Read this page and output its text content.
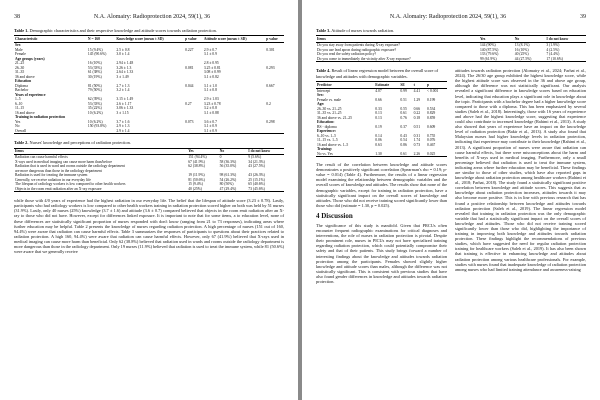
38	N.A. Alomairy: Radioprotection 2024, 59(1), 36
Table 1. Demographic characteristics and their respective knowledge and attitude scores towards radiation protection.
Characteristic	N = 160	Knowledge score (mean ± SD)	p value	Attitude score (mean ± SD)	p value
Sex					
Male	15 (9.4%)	2.5 ± 0.8	0.227	2.9 ± 0.7	0.301
Female	145 (90.6%)	3.0 ± 1.4		3.1 ± 0.9	
Age groups (years)					
21–25	16 (10%)	2.94 ± 1.48		2.8 ± 0.95	
26–30	53 (33%)	3.26 ± 1.3	0.081	3.25 ± 0.81	0.293
31–35	61 (38%)	2.64 ± 1.33		3.08 ± 0.99	
36 and above	30 (19%)	3 ± 1.49		3.1 ± 0.82	
Education					
Diploma	81 (50%)	2.7 ± 1.3	0.044	3.1 ± 1.0	0.667
Bachelor	79 (50%)	3.2 ± 1.4		3.1 ± 0.8	
Years of experience					
1–5	62 (39%)	3.15 ± 1.49		2.9 ± 1.03	
6–10	53 (33%)	2.6 ± 1.17	0.27	3.23 ± 0.78	0.2
11–15	35 (22%)	3.06 ± 1.33		3.2 ± 0.8	
16 and above	10 (6.2%)	3 ± 1.15		3.1 ± 0.88	
Training in radiation protection					
Yes	10 (6.2%)	3.7 ± 1.6	0.073	3.6 ± 0.7	0.298
No	150 (93.8%)	2.9 ± 1.3		3.1 ± 0.9	
Overall		2.9 ± 1.4		3.1 ± 0.9	
Table 2. Nurses' knowledge and perceptions of radiation protection.
Items	Yes	No	I do not know
Radiation can cause harmful effects	151 (94.4%)	0	9 (5.6%)
X-rays used in medical imaging can cause more harm than/before	67 (41.9%)	58 (36.3%)	34 (21.3%)
Radiation that is used in ward and rooms outside the radiology department	62 (38.8%)	56 (35.0%)	43 (27.5%)
are more dangerous than those in the radiology department			
Radiation is used for treating the immune system	19 (11.9%)	98 (61.3%)	43 (26.3%)
Generally, we receive radiation in our everyday life	81 (50.6%)	54 (26.2%)	25 (15.1%)
The lifespan of radiology workers is low compared to other health workers	15 (9.4%)	80 (50%)	65 (40.6%)
Objects in the room emit radiation after an X-ray exposure	40 (25%)	47 (29.4%)	73 (45.6%)
while those with 4/0 years of experience had the highest radiation in our everyday life. The belief that the lifespan of attitude score (3.23 ± 0.78). Lastly, participants who had radiology workers is low compared to other health workers training in radiation protection scored higher on both was held by 51 nurses (31.9%). Lastly, only 40 nurses (25%) knowledge (3.7 ± 1.6) and attitude (3.6 ± 0.7) compared believed that objects in the room emit radiation after an X-ray to those who did not have. However, except for differences linked exposure. It is important to note that for some items, a to education level, none of these differences are statistically significant proportion of nurses responded with don't know (ranging from 21 to 73 responses), indicating areas where further education may be helpful. Table 2 presents the knowledge of nurses regarding radiation protection. A high percentage of nurses (151 out of 160, 94.4%) were aware that radiation can cause harmful effects. Table 3 summarizes the responses of participants to questions about their practices related to radiation protection. A high 160, 94.4%) were aware that radiation can cause harmful effects. However, only 67 (41.9%) believed that X-rays used in medical imaging can cause more harm than beneficial. Only 62 (38.8%) believed that radiation used in wards and rooms outside the radiology department is more dangerous than those in the radiology department. Only 19 nurses (11.9%) believed that radiation is used to treat the immune system, while 81 (50.6%) were aware that we generally receive
N.A. Alomairy: Radioprotection 2024, 59(1), 36	39
Table 3. Attitude of nurses towards radiation.
Items	Yes	No	I do not know
Do you stay away from patients during X-ray exposure?	144 (90%)	13 (8.1%)	3 (1.9%)
Do you use lead apron during radiographic exposure?	140 (87.5%)	16 (10%)	4 (2.5%)
Do you read the safety radiation policy?	133 (79.6%)	40 (25%)	7 (4.4%)
Do you come to immediately the vicinity after X-ray exposure?	99 (61.9%)	44 (27.5%)	17 (10.6%)
Table 4. Result of linear regression model between the overall score of knowledge and attitudes with demographic variables.
Predictor	Estimate	SE	t	p
Intercept	4.07	0.99	4.41	< 0.001
Sex:				
Female vs. male	0.66	0.51	1.29	0.199
Age:				
26–30 vs. 21–25	0.33	0.55	0.66	0.534
31–35 vs. 21–25	0.13	0.61	0.22	0.829
36 and above vs. 21–25	0.13	0.76	0.18	0.859
Education:				
BS - diploma	0.19	0.37	0.51	0.609
Experience:				
6–10 vs. 1–5	0.14	0.43	0.31	0.755
11–15 vs. 1–5	0.06	0.54	1.74	0.076
16 and above vs. 1–5	0.63	0.86	0.73	0.467
Training:				
No vs. Yes	1.30	0.61	2.26	0.025
The result of the correlation between knowledge and attitude scores demonstrates a positively significant correlation (Spearman's rho = 0.19; p-value = 0.014) (Table 4). Furthermore, the results of a linear regression model examining the relationship between demographic variables and the overall scores of knowledge and attitudes. The results show that none of the demographic variables, except for training in radiation protection, have a statistically significant impact on the overall scores of knowledge and attitudes. Those who did not receive training scored significantly lower than those who did (estimate = 1.30, p = 0.025).
4 Discussion
The significance of this study is manifold. Given that PRCUs often encounter frequent radiographic examinations for critical diagnoses and interventions, the role of nurses in radiation protection is pivotal. Despite their prominent role, nurses in PICUs may not have specialized training regarding radiation protection, which could potentially compromise their safety and that of their patients. This study brings forward a number of interesting findings about the knowledge and attitudes towards radiation protection among the participants. Females showed slightly higher knowledge and attitude scores than males, although the difference was not statistically significant. This is consistent with previous studies that have also found gender differences in knowledge and attitudes towards radiation protection.
attitudes towards radiation protection (Alomairy et al., 2024; Farhat et al., 2024). The 26/30 age group exhibited the highest knowledge score, while the highest attitude score was observed in the 36 and above age group, although the difference was not statistically significant. Our analysis revealed a significant difference in knowledge scores based on education level, indicating that education plays a significant role in knowledge about the topic. Participants with a bachelor degree had a higher knowledge score compared to those with a diploma. This has been emphasized by several studies (Saleh et al., 2018). Interestingly, those with 16 years of experience and above had the highest knowledge score, suggesting that experience could also contribute to increased knowledge (Rahimi et al., 2013). A study also showed that years of experience have an impact on the knowledge level of radiation protection (Bakir et al., 2013). A study also found that Malaysian nurses had higher knowledge levels in radiation protection, indicating that experience may contribute to their knowledge (Rahimi et al., 2013). A significant proportion of nurses were aware that radiation can cause harmful effects, but there were misconceptions about the harm and benefits of X-rays used in medical imaging. Furthermore, only a small percentage believed that radiation is used to treat the immune system, indicating areas where further education may be beneficial. These findings are similar to those of other studies, which have also reported gaps in knowledge about radiation protection among healthcare workers (Rahimi et al., 2018; Farhat, 2018). The study found a statistically significant positive correlation between knowledge and attitude scores. This suggests that as knowledge about radiation protection increases, attitudes towards it may also become more positive. This is in line with previous research that has found a positive relationship between knowledge and attitudes towards radiation protection (Saleh et al., 2019). The linear regression model revealed that training in radiation protection was the only demographic variable that had a statistically significant impact on the overall scores of knowledge and attitudes. Those who did not receive training scored significantly lower than those who did, highlighting the importance of training in improving both knowledge and attitudes towards radiation protection. These findings highlight the recommendations of previous studies, which have suggested the need for regular radiation protection training for healthcare workers (Saleh et al., 2019). It has also been shown that training is effective in enhancing knowledge and attitudes about radiation protection among various healthcare professionals. For example, studies with nurses found that inadequate knowledge of radiation protection among nurses who had limited training attendance and awareness-raising
